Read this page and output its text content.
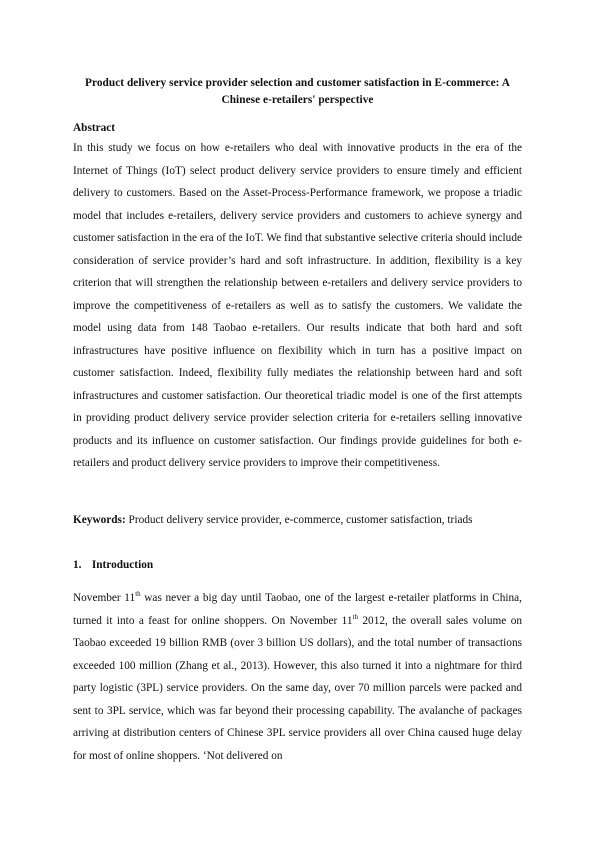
Product delivery service provider selection and customer satisfaction in E-commerce: A
Chinese e-retailers' perspective
Abstract
In this study we focus on how e-retailers who deal with innovative products in the era of the Internet of Things (IoT) select product delivery service providers to ensure timely and efficient delivery to customers. Based on the Asset-Process-Performance framework, we propose a triadic model that includes e-retailers, delivery service providers and customers to achieve synergy and customer satisfaction in the era of the IoT. We find that substantive selective criteria should include consideration of service provider’s hard and soft infrastructure. In addition, flexibility is a key criterion that will strengthen the relationship between e-retailers and delivery service providers to improve the competitiveness of e-retailers as well as to satisfy the customers. We validate the model using data from 148 Taobao e-retailers. Our results indicate that both hard and soft infrastructures have positive influence on flexibility which in turn has a positive impact on customer satisfaction. Indeed, flexibility fully mediates the relationship between hard and soft infrastructures and customer satisfaction. Our theoretical triadic model is one of the first attempts in providing product delivery service provider selection criteria for e-retailers selling innovative products and its influence on customer satisfaction. Our findings provide guidelines for both e-retailers and product delivery service providers to improve their competitiveness.
Keywords: Product delivery service provider, e-commerce, customer satisfaction, triads
1. Introduction
November 11th was never a big day until Taobao, one of the largest e-retailer platforms in China, turned it into a feast for online shoppers. On November 11th 2012, the overall sales volume on Taobao exceeded 19 billion RMB (over 3 billion US dollars), and the total number of transactions exceeded 100 million (Zhang et al., 2013). However, this also turned it into a nightmare for third party logistic (3PL) service providers. On the same day, over 70 million parcels were packed and sent to 3PL service, which was far beyond their processing capability. The avalanche of packages arriving at distribution centers of Chinese 3PL service providers all over China caused huge delay for most of online shoppers. ‘Not delivered on
